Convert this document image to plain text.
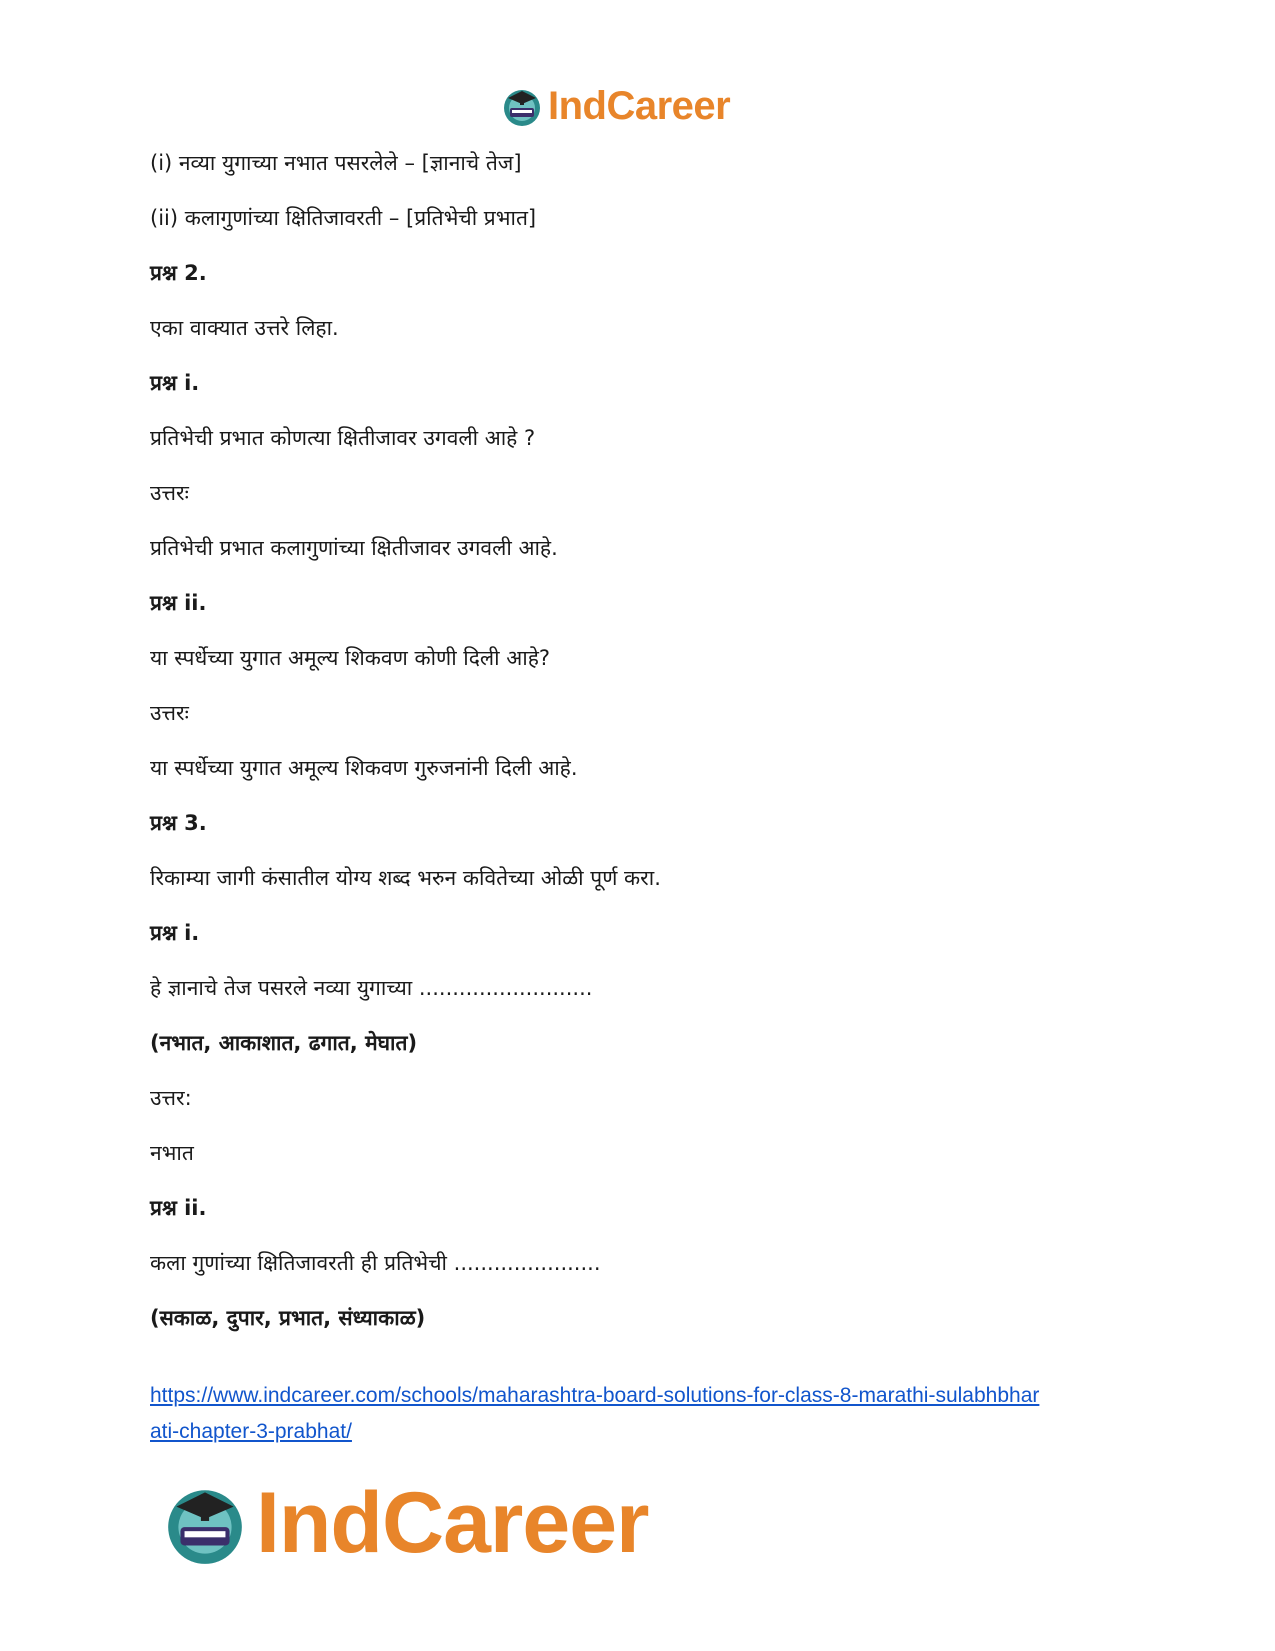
IndCareer
(i) नव्या युगाच्या नभात पसरलेले – [ज्ञानाचे तेज]
(ii) कलागुणांच्या क्षितिजावरती – [प्रतिभेची प्रभात]
प्रश्न 2.
एका वाक्यात उत्तरे लिहा.
प्रश्न i.
प्रतिभेची प्रभात कोणत्या क्षितीजावर उगवली आहे ?
उत्तरः
प्रतिभेची प्रभात कलागुणांच्या क्षितीजावर उगवली आहे.
प्रश्न ii.
या स्पर्धेच्या युगात अमूल्य शिकवण कोणी दिली आहे?
उत्तरः
या स्पर्धेच्या युगात अमूल्य शिकवण गुरुजनांनी दिली आहे.
प्रश्न 3.
रिकाम्या जागी कंसातील योग्य शब्द भरुन कवितेच्या ओळी पूर्ण करा.
प्रश्न i.
हे ज्ञानाचे तेज पसरले नव्या युगाच्या ..........................
(नभात, आकाशात, ढगात, मेघात)
उत्तर:
नभात
प्रश्न ii.
कला गुणांच्या क्षितिजावरती ही प्रतिभेची ......................
(सकाळ, दुपार, प्रभात, संध्याकाळ)
https://www.indcareer.com/schools/maharashtra-board-solutions-for-class-8-marathi-sulabhbhar
ati-chapter-3-prabhat/
IndCareer
